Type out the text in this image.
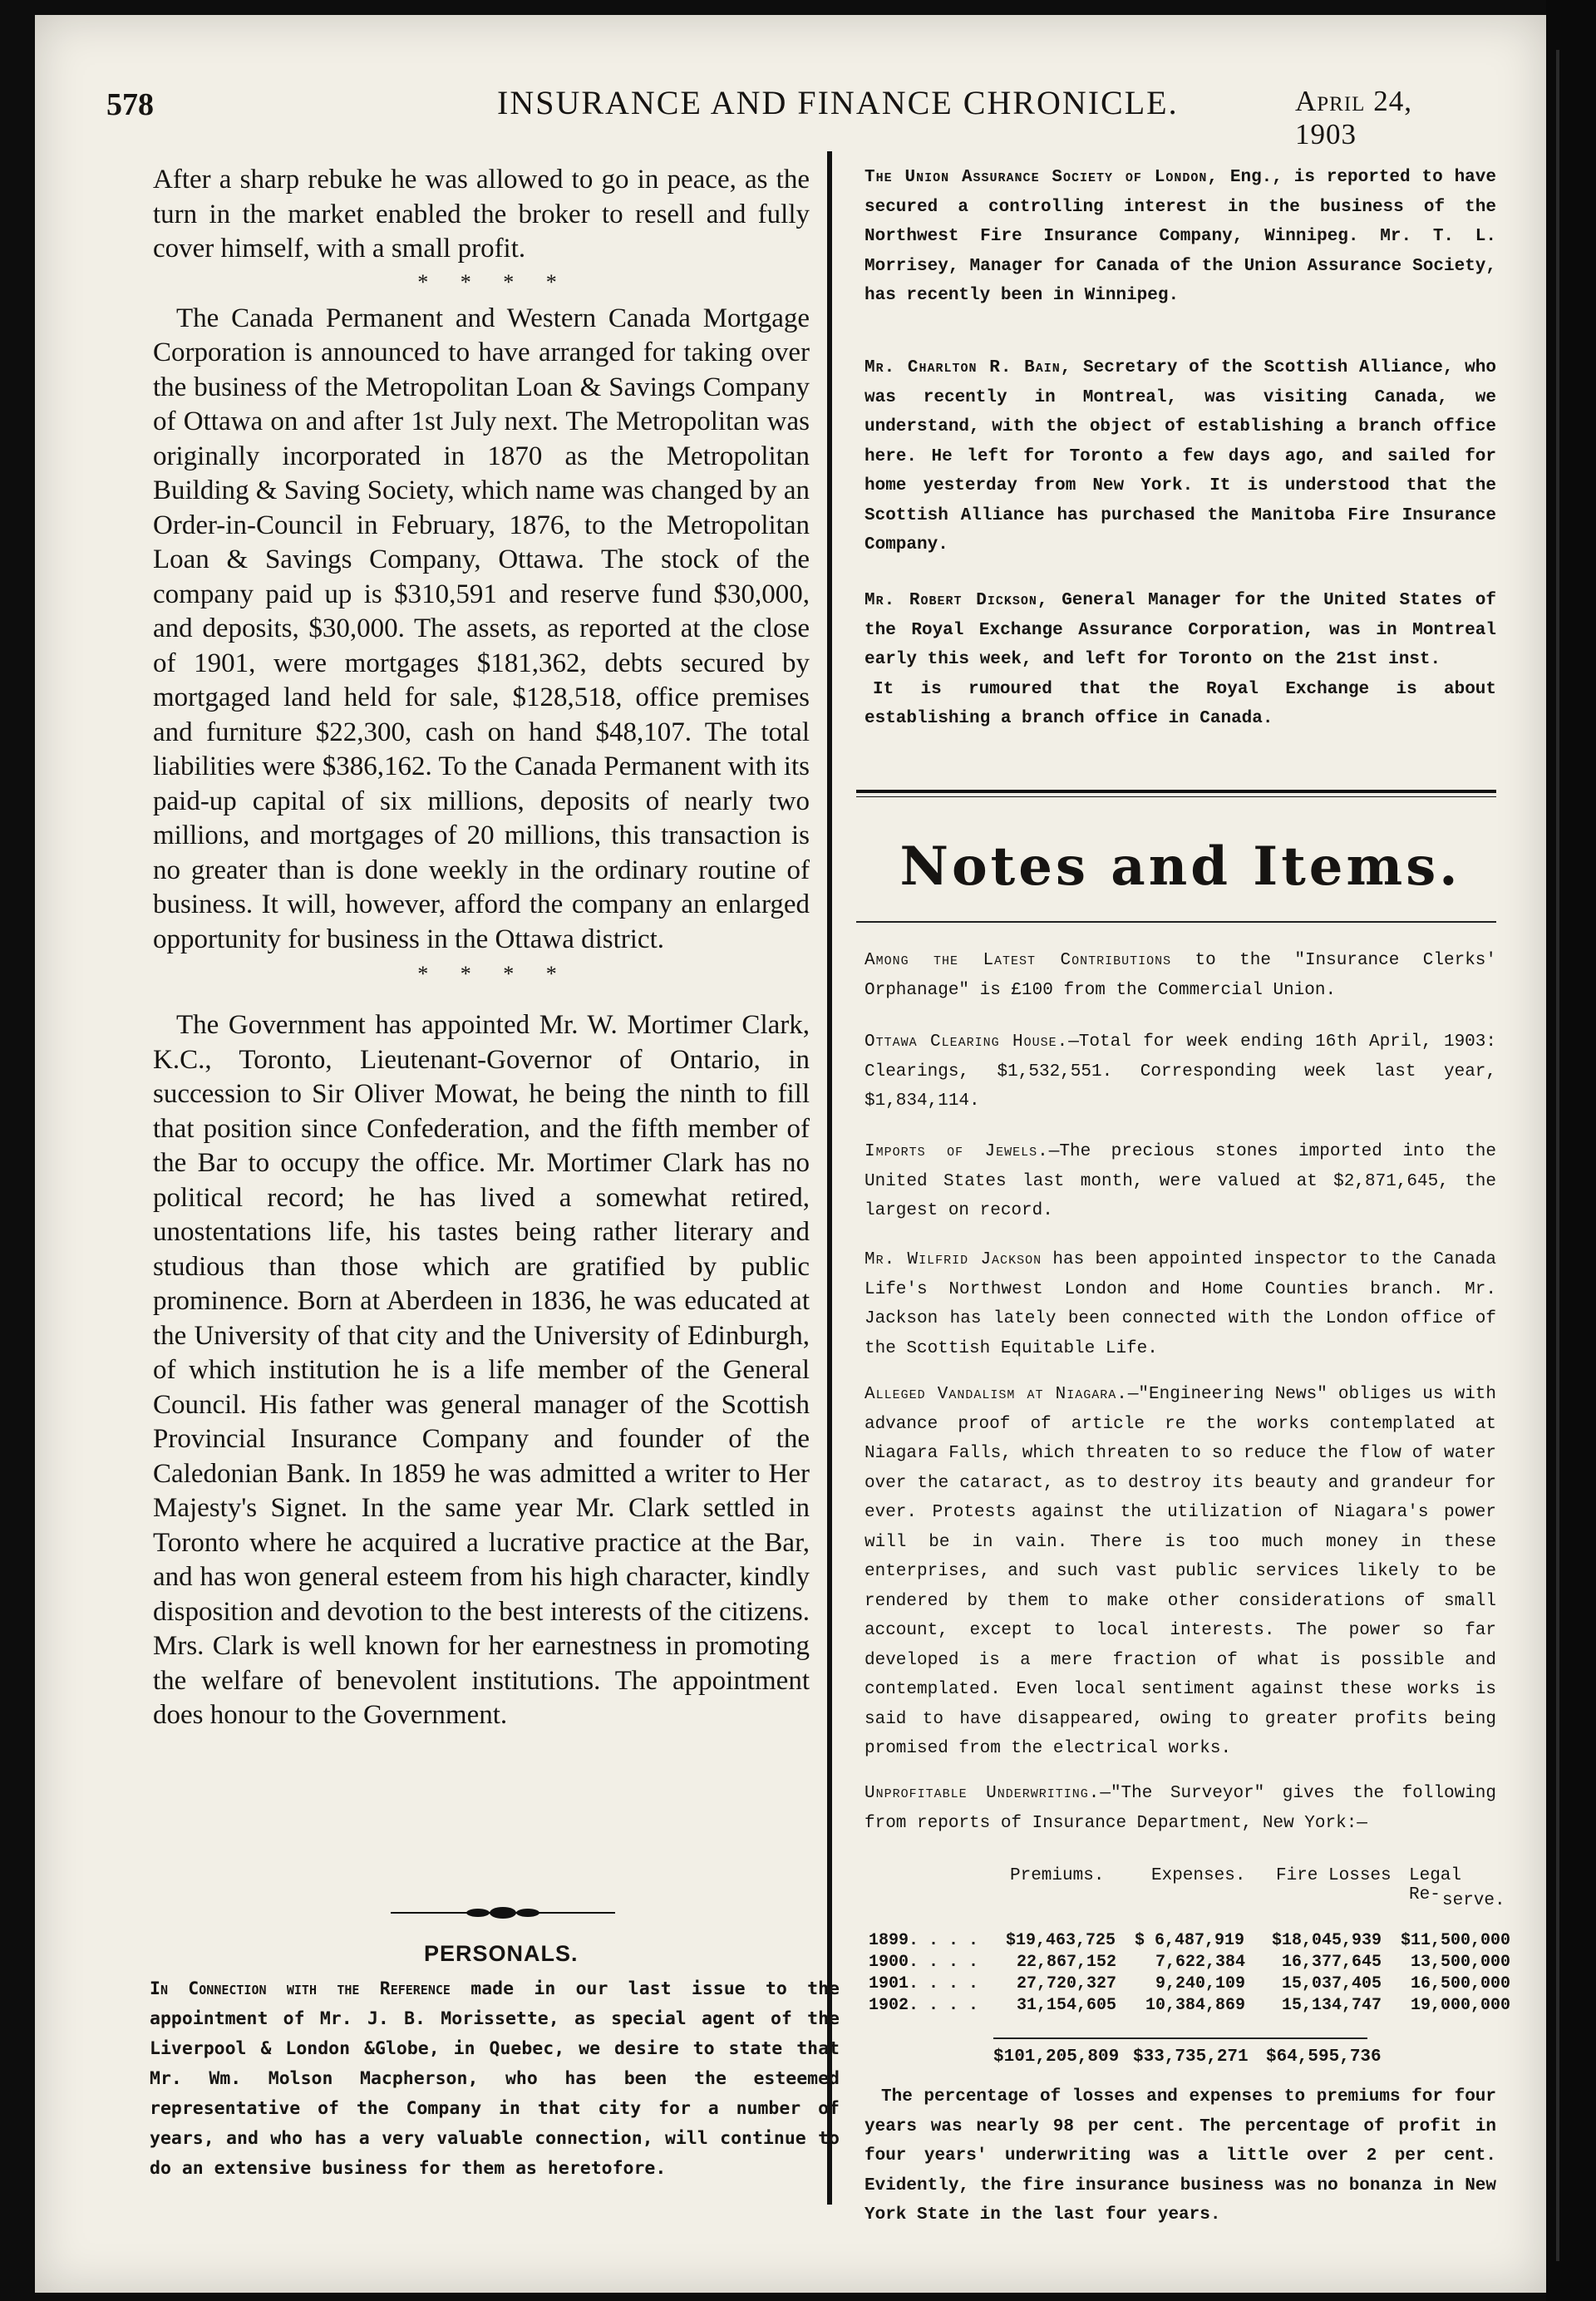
578	INSURANCE AND FINANCE CHRONICLE.	April 24, 1903

After a sharp rebuke he was allowed to go in peace, as the turn in the market enabled the broker to resell and fully cover himself, with a small profit.

* * * *

The Canada Permanent and Western Canada Mortgage Corporation is announced to have arranged for taking over the business of the Metropolitan Loan & Savings Company of Ottawa on and after 1st July next. The Metropolitan was originally incorporated in 1870 as the Metropolitan Building & Saving Society, which name was changed by an Order-in-Council in February, 1876, to the Metropolitan Loan & Savings Company, Ottawa. The stock of the company paid up is $310,591 and reserve fund $30,000, and deposits, $30,000. The assets, as reported at the close of 1901, were mortgages $181,362, debts secured by mortgaged land held for sale, $128,518, office premises and furniture $22,300, cash on hand $48,107. The total liabilities were $386,162. To the Canada Permanent with its paid-up capital of six millions, deposits of nearly two millions, and mortgages of 20 millions, this transaction is no greater than is done weekly in the ordinary routine of business. It will, however, afford the company an enlarged opportunity for business in the Ottawa district.

* * * *

The Government has appointed Mr. W. Mortimer Clark, K.C., Toronto, Lieutenant-Governor of Ontario, in succession to Sir Oliver Mowat, he being the ninth to fill that position since Confederation, and the fifth member of the Bar to occupy the office. Mr. Mortimer Clark has no political record; he has lived a somewhat retired, unostentations life, his tastes being rather literary and studious than those which are gratified by public prominence. Born at Aberdeen in 1836, he was educated at the University of that city and the University of Edinburgh, of which institution he is a life member of the General Council. His father was general manager of the Scottish Provincial Insurance Company and founder of the Caledonian Bank. In 1859 he was admitted a writer to Her Majesty's Signet. In the same year Mr. Clark settled in Toronto where he acquired a lucrative practice at the Bar, and has won general esteem from his high character, kindly disposition and devotion to the best interests of the citizens. Mrs. Clark is well known for her earnestness in promoting the welfare of benevolent institutions. The appointment does honour to the Government.

PERSONALS.
In Connection with the Reference made in our last issue to the appointment of Mr. J. B. Morissette, as special agent of the Liverpool & London &Globe, in Quebec, we desire to state that Mr. Wm. Molson Macpherson, who has been the esteemed representative of the Company in that city for a number of years, and who has a very valuable connection, will continue to do an extensive business for them as heretofore.

The Union Assurance Society of London, Eng., is reported to have secured a controlling interest in the business of the Northwest Fire Insurance Company, Winnipeg. Mr. T. L. Morrisey, Manager for Canada of the Union Assurance Society, has recently been in Winnipeg.

Mr. Charlton R. Bain, Secretary of the Scottish Alliance, who was recently in Montreal, was visiting Canada, we understand, with the object of establishing a branch office here. He left for Toronto a few days ago, and sailed for home yesterday from New York. It is understood that the Scottish Alliance has purchased the Manitoba Fire Insurance Company.

Mr. Robert Dickson, General Manager for the United States of the Royal Exchange Assurance Corporation, was in Montreal early this week, and left for Toronto on the 21st inst.

It is rumoured that the Royal Exchange is about establishing a branch office in Canada.

Notes and Items.

Among the Latest Contributions to the "Insurance Clerks' Orphanage" is £100 from the Commercial Union.

Ottawa Clearing House.—Total for week ending 16th April, 1903: Clearings, $1,532,551. Corresponding week last year, $1,834,114.

Imports of Jewels.—The precious stones imported into the United States last month, were valued at $2,871,645, the largest on record.

Mr. Wilfrid Jackson has been appointed inspector to the Canada Life's Northwest London and Home Counties branch. Mr. Jackson has lately been connected with the London office of the Scottish Equitable Life.

Alleged Vandalism at Niagara.—"Engineering News" obliges us with advance proof of article re the works contemplated at Niagara Falls, which threaten to so reduce the flow of water over the cataract, as to destroy its beauty and grandeur for ever. Protests against the utilization of Niagara's power will be in vain. There is too much money in these enterprises, and such vast public services likely to be rendered by them to make other considerations of small account, except to local interests. The power so far developed is a mere fraction of what is possible and contemplated. Even local sentiment against these works is said to have disappeared, owing to greater profits being promised from the electrical works.

Unprofitable Underwriting.—"The Surveyor" gives the following from reports of Insurance Department, New York:—

Premiums.	Expenses. Fire Losses Legal Re- serve.
1899. . . . $19,463,725 $ 6,487,919 $18,045,939 $11,500,000
1900. . . . 22,867,152 7,622,384 16,377,645 13,500,000
1901. . . . 27,720,327 9,240,109 15,037,405 16,500,000
1902. . . . 31,154,605 10,384,869 15,134,747 19,000,000
$101,205,809 $33,735,271 $64,595,736

The percentage of losses and expenses to premiums for four years was nearly 98 per cent. The percentage of profit in four years' underwriting was a little over 2 per cent. Evidently, the fire insurance business was no bonanza in New York State in the last four years.
